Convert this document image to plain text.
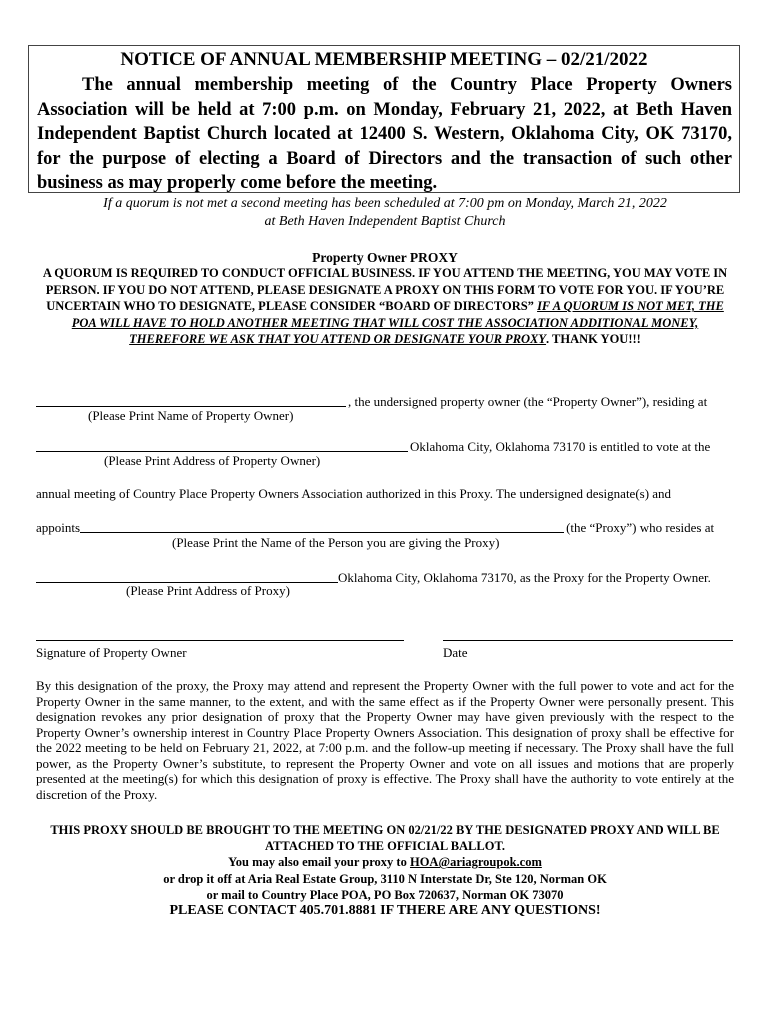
NOTICE OF ANNUAL MEMBERSHIP MEETING – 02/21/2022
The annual membership meeting of the Country Place Property Owners Association will be held at 7:00 p.m. on Monday, February 21, 2022, at Beth Haven Independent Baptist Church located at 12400 S. Western, Oklahoma City, OK 73170, for the purpose of electing a Board of Directors and the transaction of such other business as may properly come before the meeting.
If a quorum is not met a second meeting has been scheduled at 7:00 pm on Monday, March 21, 2022
at Beth Haven Independent Baptist Church
Property Owner PROXY
A QUORUM IS REQUIRED TO CONDUCT OFFICIAL BUSINESS. IF YOU ATTEND THE MEETING, YOU MAY VOTE IN PERSON. IF YOU DO NOT ATTEND, PLEASE DESIGNATE A PROXY ON THIS FORM TO VOTE FOR YOU. IF YOU’RE UNCERTAIN WHO TO DESIGNATE, PLEASE CONSIDER “BOARD OF DIRECTORS” IF A QUORUM IS NOT MET, THE POA WILL HAVE TO HOLD ANOTHER MEETING THAT WILL COST THE ASSOCIATION ADDITIONAL MONEY, THEREFORE WE ASK THAT YOU ATTEND OR DESIGNATE YOUR PROXY. THANK YOU!!!
, the undersigned property owner (the “Property Owner”), residing at
(Please Print Name of Property Owner)
Oklahoma City, Oklahoma 73170 is entitled to vote at the
(Please Print Address of Property Owner)
annual meeting of Country Place Property Owners Association authorized in this Proxy. The undersigned designate(s) and
appoints	(the “Proxy”) who resides at
(Please Print the Name of the Person you are giving the Proxy)
Oklahoma City, Oklahoma 73170, as the Proxy for the Property Owner.
(Please Print Address of Proxy)
Signature of Property Owner	Date
By this designation of the proxy, the Proxy may attend and represent the Property Owner with the full power to vote and act for the Property Owner in the same manner, to the extent, and with the same effect as if the Property Owner were personally present. This designation revokes any prior designation of proxy that the Property Owner may have given previously with the respect to the Property Owner’s ownership interest in Country Place Property Owners Association. This designation of proxy shall be effective for the 2022 meeting to be held on February 21, 2022, at 7:00 p.m. and the follow-up meeting if necessary. The Proxy shall have the full power, as the Property Owner’s substitute, to represent the Property Owner and vote on all issues and motions that are properly presented at the meeting(s) for which this designation of proxy is effective. The Proxy shall have the authority to vote entirely at the discretion of the Proxy.
THIS PROXY SHOULD BE BROUGHT TO THE MEETING ON 02/21/22 BY THE DESIGNATED PROXY AND WILL BE ATTACHED TO THE OFFICIAL BALLOT.
You may also email your proxy to HOA@ariagroupok.com
or drop it off at Aria Real Estate Group, 3110 N Interstate Dr, Ste 120, Norman OK
or mail to Country Place POA, PO Box 720637, Norman OK 73070
PLEASE CONTACT 405.701.8881 IF THERE ARE ANY QUESTIONS!
